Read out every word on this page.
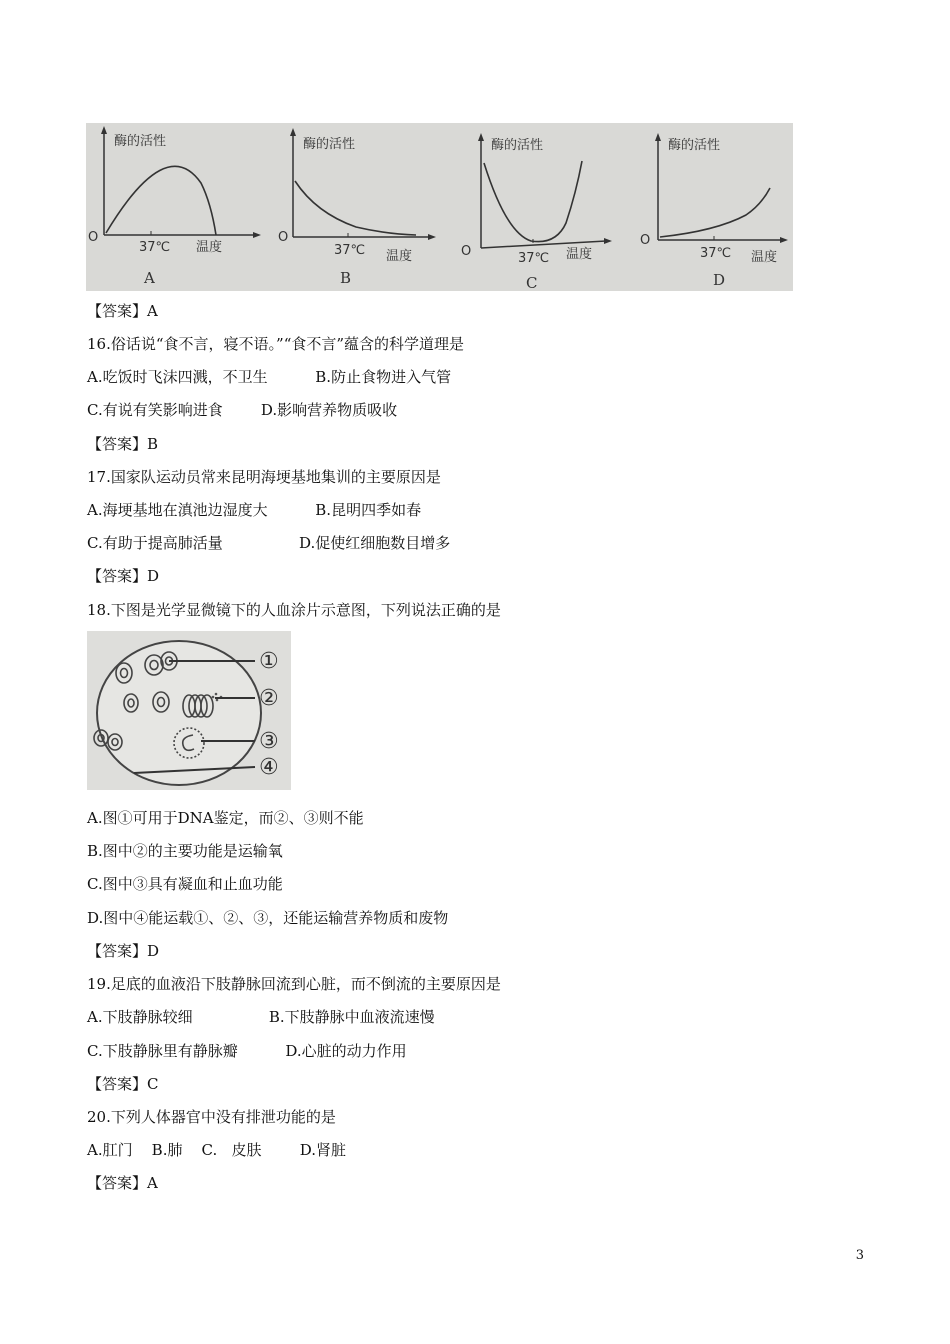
酶的活性
O
37℃ 温度
A
酶的活性
O
37℃ 温度
B
酶的活性
O	37℃ 温度
C
酶的活性
O
37℃ 温度
D
【答案】A
16.俗话说“食不言，寝不语。”“食不言”蕴含的科学道理是
A.吃饭时飞沫四溅，不卫生          B.防止食物进入气管
C.有说有笑影响进食        D.影响营养物质吸收
【答案】B
17.国家队运动员常来昆明海埂基地集训的主要原因是
A.海埂基地在滇池边湿度大          B.昆明四季如春
C.有助于提高肺活量                D.促使红细胞数目增多
【答案】D
18.下图是光学显微镜下的人血涂片示意图，下列说法正确的是
①
②
③
④
A.图①可用于DNA鉴定，而②、③则不能
B.图中②的主要功能是运输氧
C.图中③具有凝血和止血功能
D.图中④能运载①、②、③，还能运输营养物质和废物
【答案】D
19.足底的血液沿下肢静脉回流到心脏，而不倒流的主要原因是
A.下肢静脉较细                B.下肢静脉中血液流速慢
C.下肢静脉里有静脉瓣          D.心脏的动力作用
【答案】C
20.下列人体器官中没有排泄功能的是
A.肛门    B.肺    C.   皮肤        D.肾脏
【答案】A
3
